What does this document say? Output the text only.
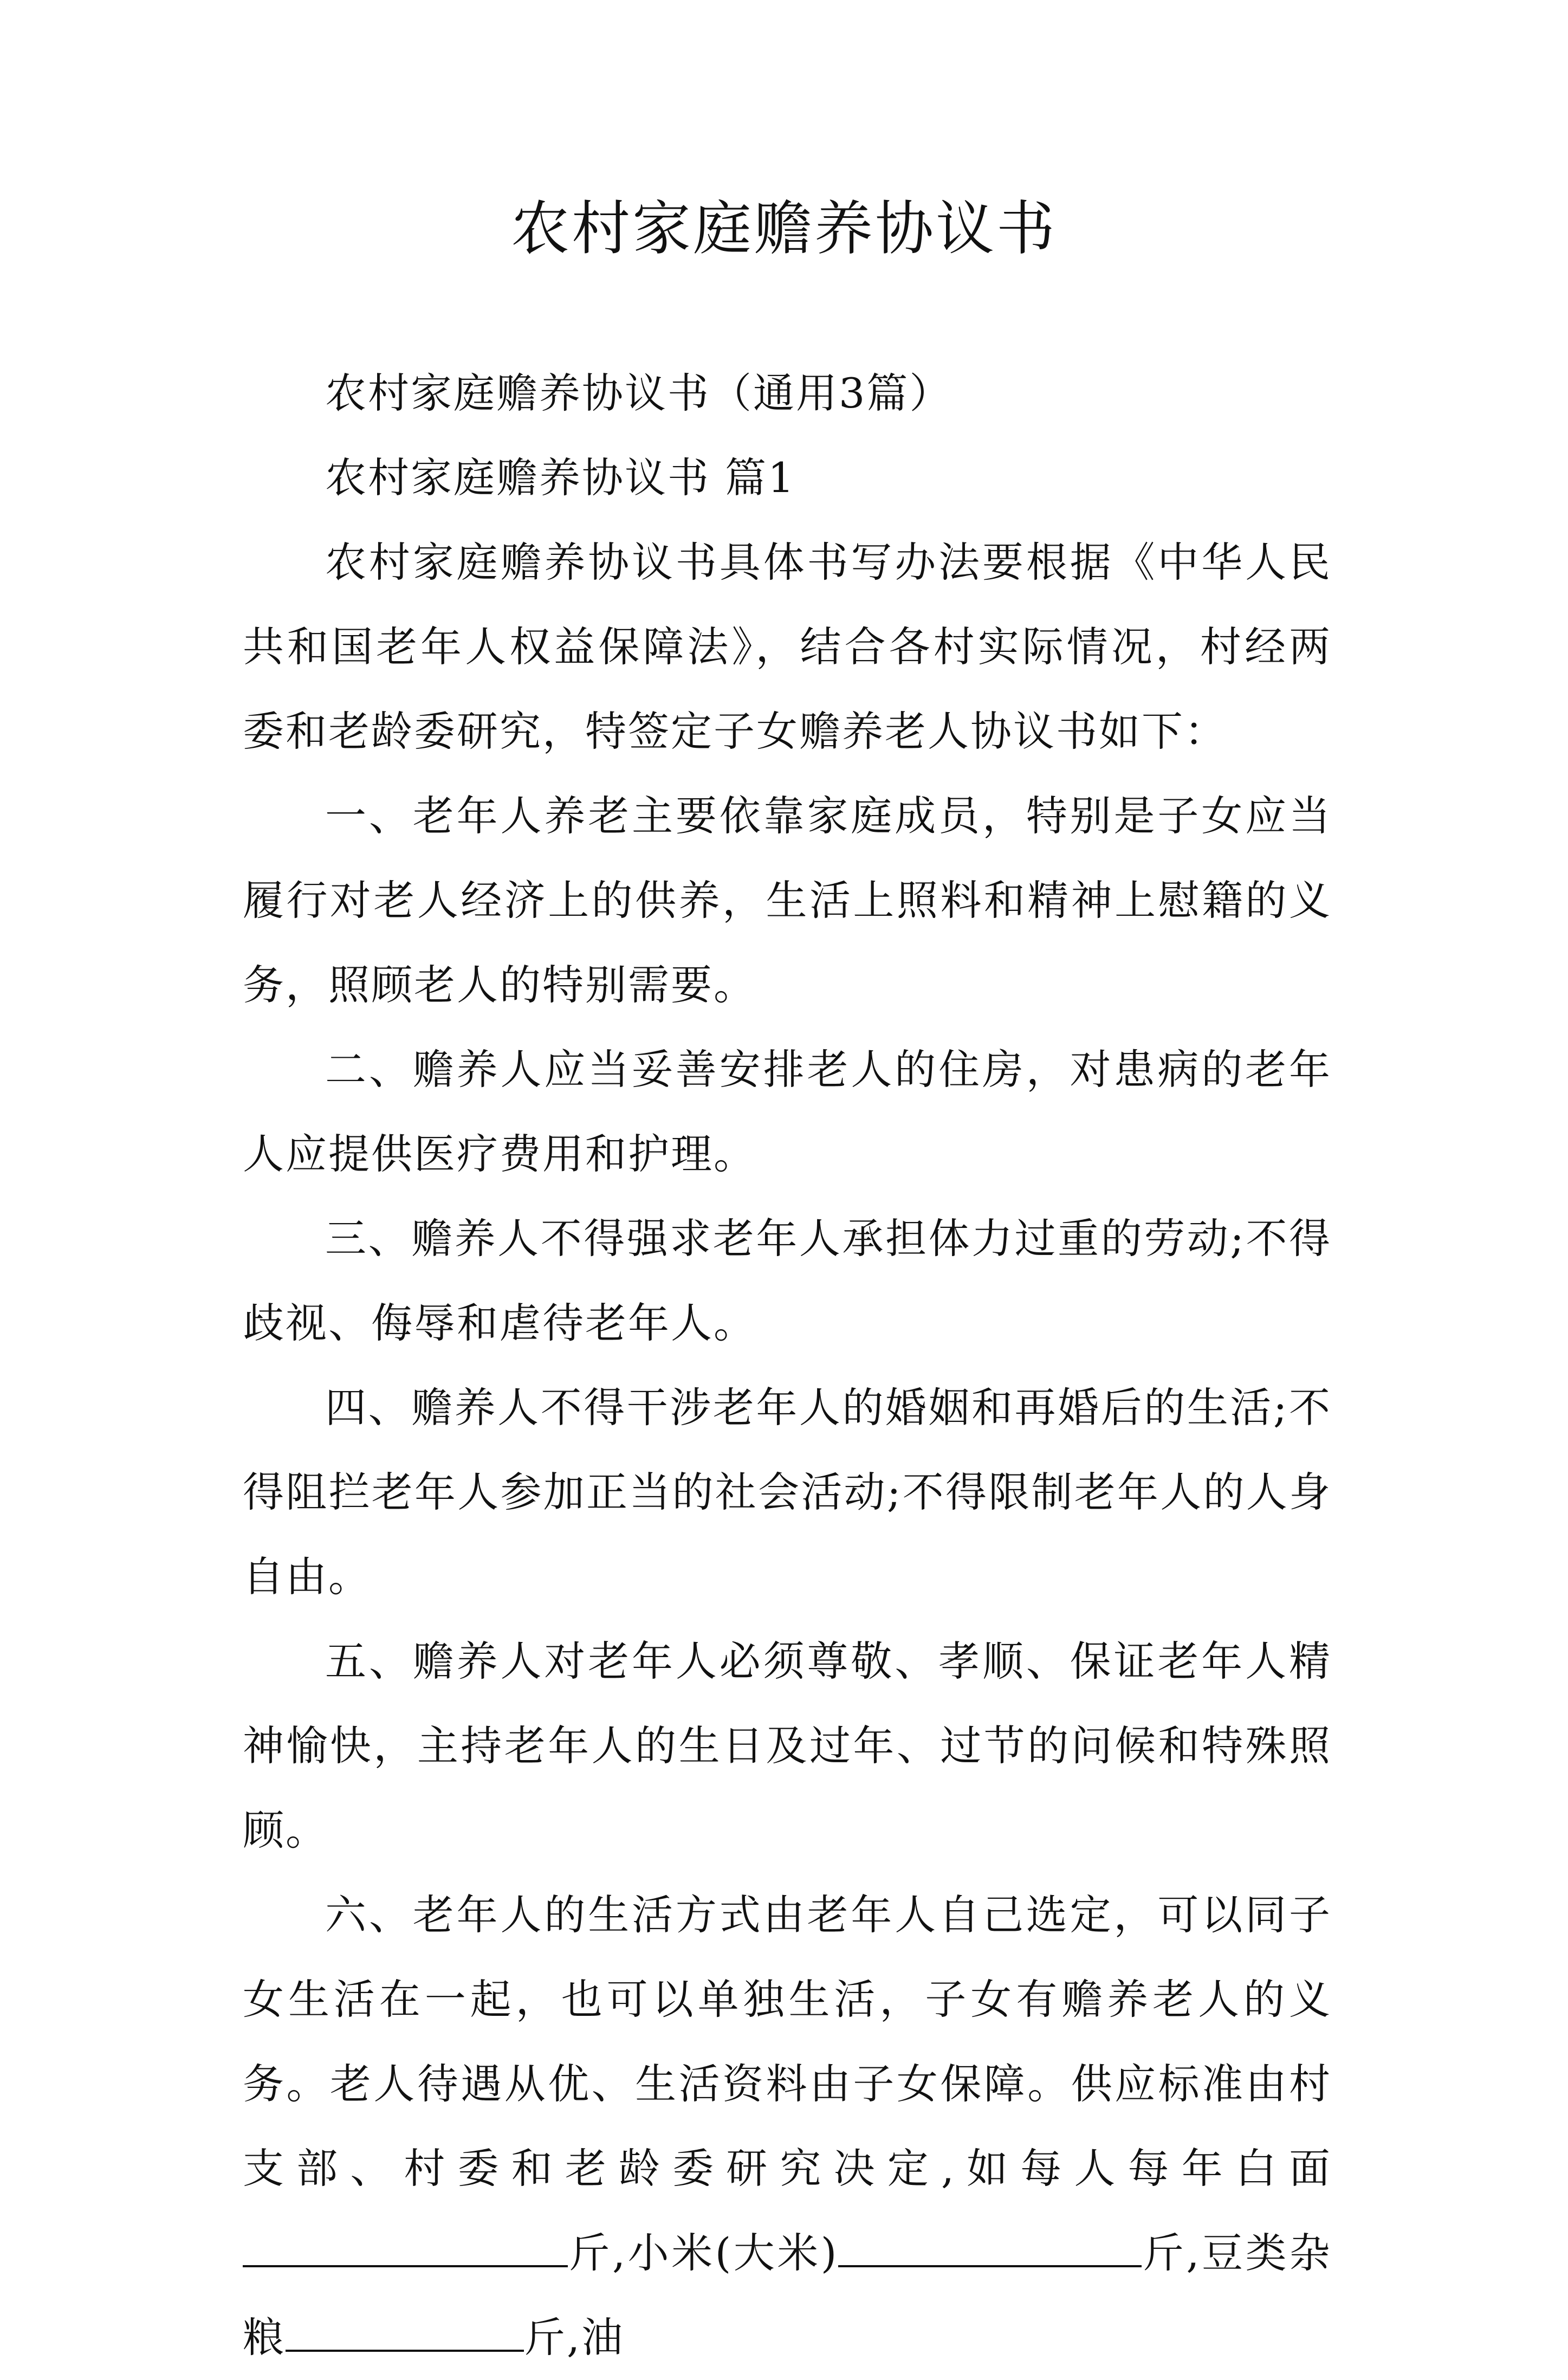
农村家庭赡养协议书

农村家庭赡养协议书（通用3篇）

农村家庭赡养协议书 篇1

农村家庭赡养协议书具体书写办法要根据《中华人民共和国老年人权益保障法》，结合各村实际情况，村经两委和老龄委研究，特签定子女赡养老人协议书如下：

一、老年人养老主要依靠家庭成员，特别是子女应当履行对老人经济上的供养，生活上照料和精神上慰籍的义务，照顾老人的特别需要。

二、赡养人应当妥善安排老人的住房，对患病的老年人应提供医疗费用和护理。

三、赡养人不得强求老年人承担体力过重的劳动;不得歧视、侮辱和虐待老年人。

四、赡养人不得干涉老年人的婚姻和再婚后的生活;不得阻拦老年人参加正当的社会活动;不得限制老年人的人身自由。

五、赡养人对老年人必须尊敬、孝顺、保证老年人精神愉快，主持老年人的生日及过年、过节的问候和特殊照顾。

六、老年人的生活方式由老年人自己选定，可以同子女生活在一起，也可以单独生活，子女有赡养老人的义务。老人待遇从优、生活资料由子女保障。供应标准由村支部、村委和老龄委研究决定,如每人每年白面斤,小米(大米)	斤,豆类杂粮	斤,油
